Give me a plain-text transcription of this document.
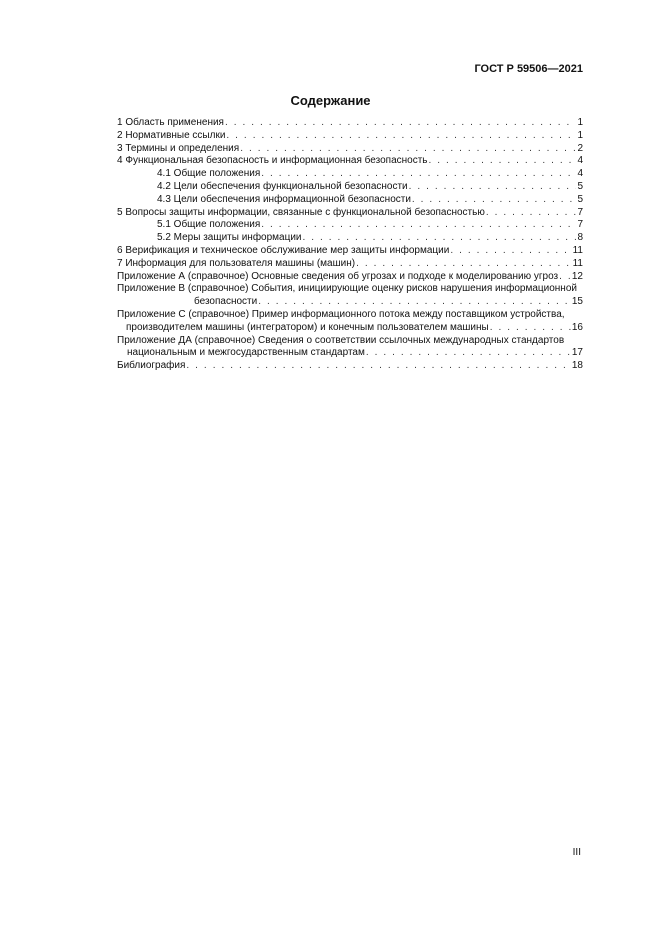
ГОСТ Р 59506—2021
Содержание
1 Область применения . . .	1
2 Нормативные ссылки . . .	1
3 Термины и определения . . .	2
4 Функциональная безопасность и информационная безопасность . . .	4
4.1 Общие положения . . .	4
4.2 Цели обеспечения функциональной безопасности . . .	5
4.3 Цели обеспечения информационной безопасности . . .	5
5 Вопросы защиты информации, связанные с функциональной безопасностью . . .	7
5.1 Общие положения . . .	7
5.2 Меры защиты информации . . .	8
6 Верификация и техническое обслуживание мер защиты информации . . .	11
7 Информация для пользователя машины (машин) . . .	11
Приложение А (справочное) Основные сведения об угрозах и подходе к моделированию угроз . . . 12
Приложение В (справочное) События, инициирующие оценку рисков нарушения информационной
безопасности . . .	15
Приложение С (справочное) Пример информационного потока между поставщиком устройства,
производителем машины (интегратором) и конечным пользователем машины . . .	16
Приложение ДА (справочное) Сведения о соответствии ссылочных международных стандартов
национальным и межгосударственным стандартам . . .	17
Библиография . . .	18
III
